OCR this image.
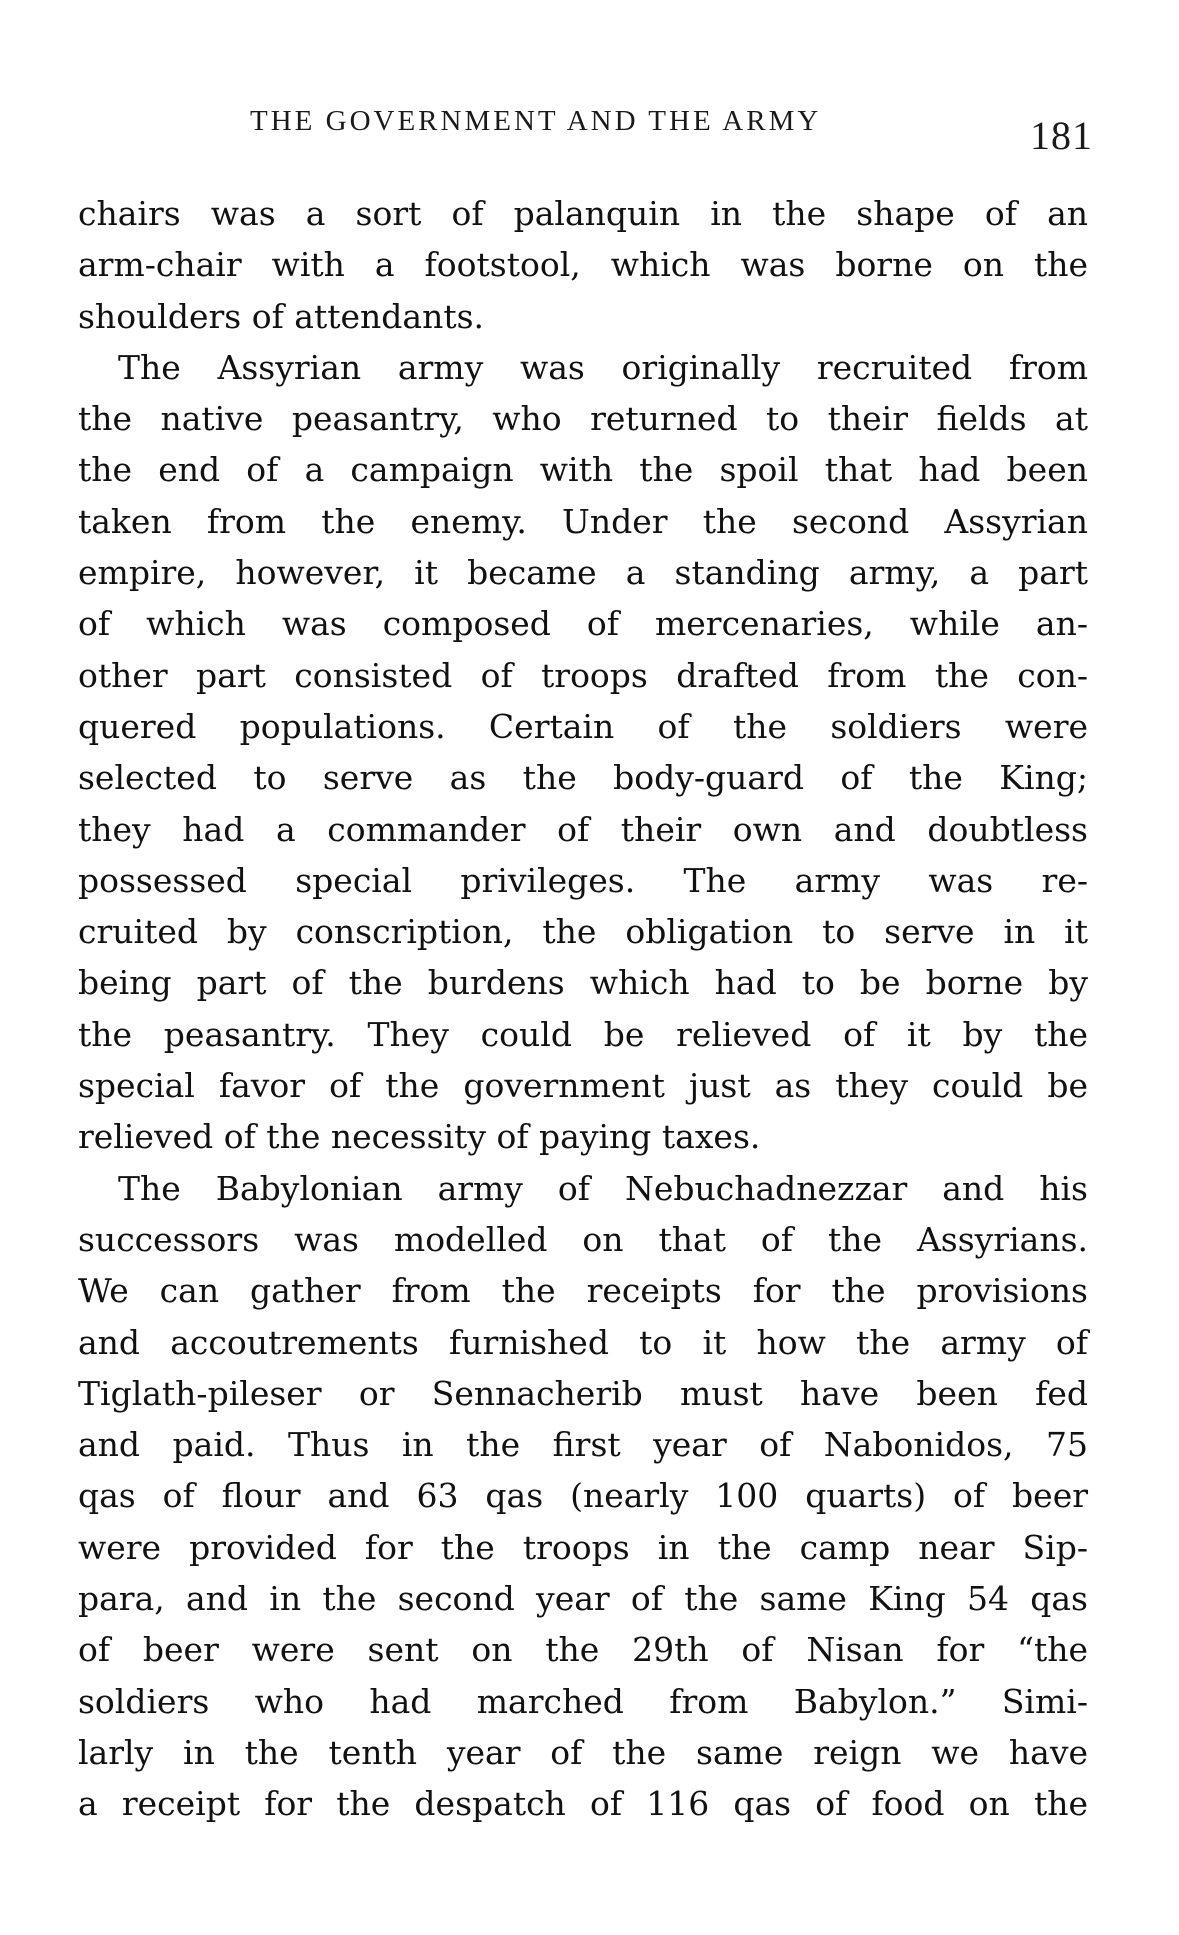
THE GOVERNMENT AND THE ARMY	181
chairs was a sort of palanquin in the shape of an
arm-chair with a footstool, which was borne on the
shoulders of attendants.
The Assyrian army was originally recruited from
the native peasantry, who returned to their fields at
the end of a campaign with the spoil that had been
taken from the enemy. Under the second Assyrian
empire, however, it became a standing army, a part
of which was composed of mercenaries, while an-
other part consisted of troops drafted from the con-
quered populations. Certain of the soldiers were
selected to serve as the body-guard of the King;
they had a commander of their own and doubtless
possessed special privileges. The army was re-
cruited by conscription, the obligation to serve in it
being part of the burdens which had to be borne by
the peasantry. They could be relieved of it by the
special favor of the government just as they could be
relieved of the necessity of paying taxes.
The Babylonian army of Nebuchadnezzar and his
successors was modelled on that of the Assyrians.
We can gather from the receipts for the provisions
and accoutrements furnished to it how the army of
Tiglath-pileser or Sennacherib must have been fed
and paid. Thus in the first year of Nabonidos, 75
qas of flour and 63 qas (nearly 100 quarts) of beer
were provided for the troops in the camp near Sip-
para, and in the second year of the same King 54 qas
of beer were sent on the 29th of Nisan for “the
soldiers who had marched from Babylon.” Simi-
larly in the tenth year of the same reign we have
a receipt for the despatch of 116 qas of food on the
